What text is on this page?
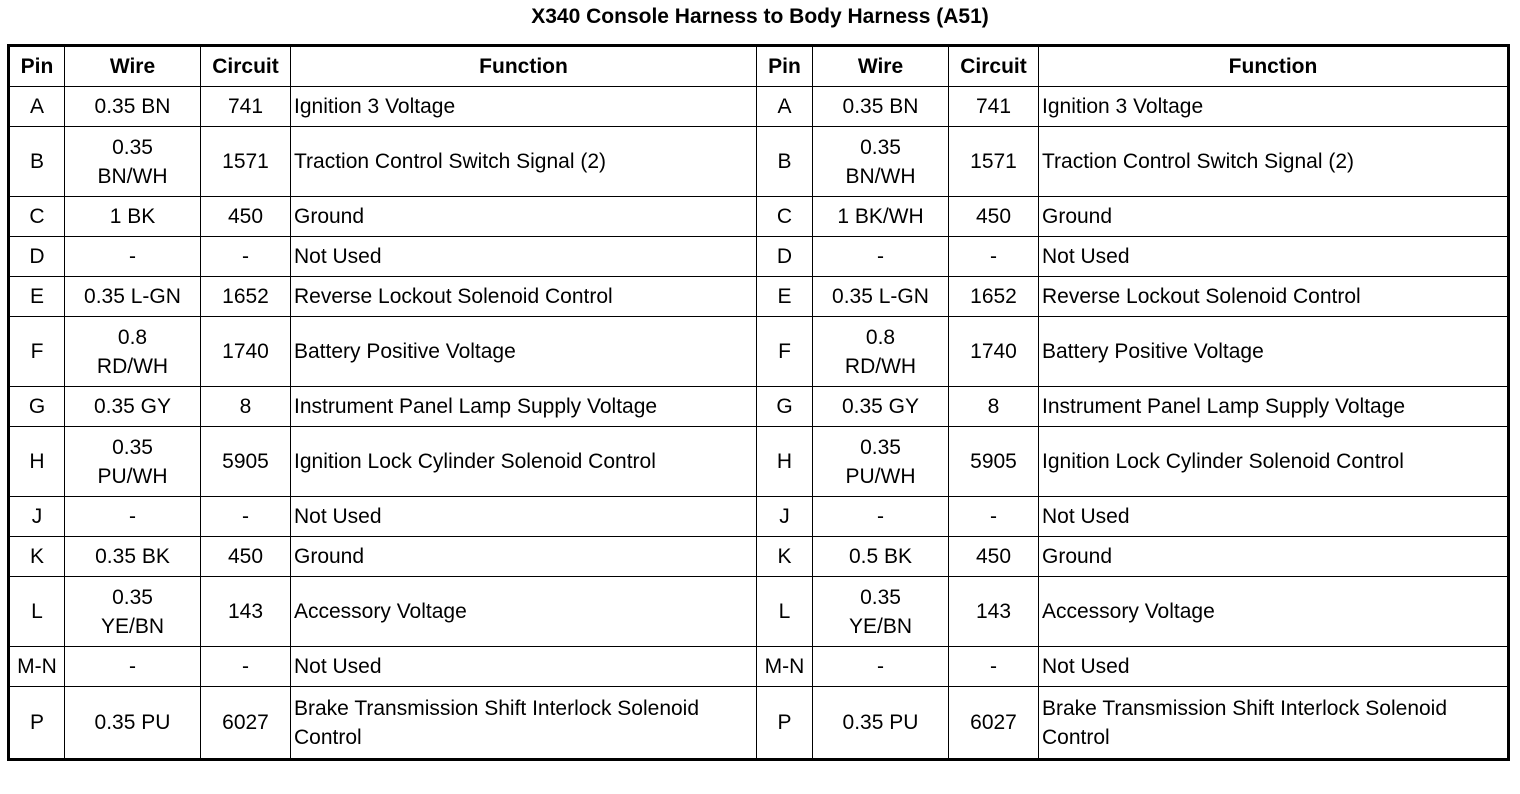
X340 Console Harness to Body Harness (A51)
Pin	Wire	Circuit	Function	Pin	Wire	Circuit	Function
A	0.35 BN	741	Ignition 3 Voltage	A	0.35 BN	741	Ignition 3 Voltage
B	0.35 BN/WH	1571	Traction Control Switch Signal (2)	B	0.35 BN/WH	1571	Traction Control Switch Signal (2)
C	1 BK	450	Ground	C	1 BK/WH	450	Ground
D	-	-	Not Used	D	-	-	Not Used
E	0.35 L-GN	1652	Reverse Lockout Solenoid Control	E	0.35 L-GN	1652	Reverse Lockout Solenoid Control
F	0.8 RD/WH	1740	Battery Positive Voltage	F	0.8 RD/WH	1740	Battery Positive Voltage
G	0.35 GY	8	Instrument Panel Lamp Supply Voltage	G	0.35 GY	8	Instrument Panel Lamp Supply Voltage
H	0.35 PU/WH	5905	Ignition Lock Cylinder Solenoid Control	H	0.35 PU/WH	5905	Ignition Lock Cylinder Solenoid Control
J	-	-	Not Used	J	-	-	Not Used
K	0.35 BK	450	Ground	K	0.5 BK	450	Ground
L	0.35 YE/BN	143	Accessory Voltage	L	0.35 YE/BN	143	Accessory Voltage
M-N	-	-	Not Used	M-N	-	-	Not Used
P	0.35 PU	6027	Brake Transmission Shift Interlock Solenoid Control	P	0.35 PU	6027	Brake Transmission Shift Interlock Solenoid Control
